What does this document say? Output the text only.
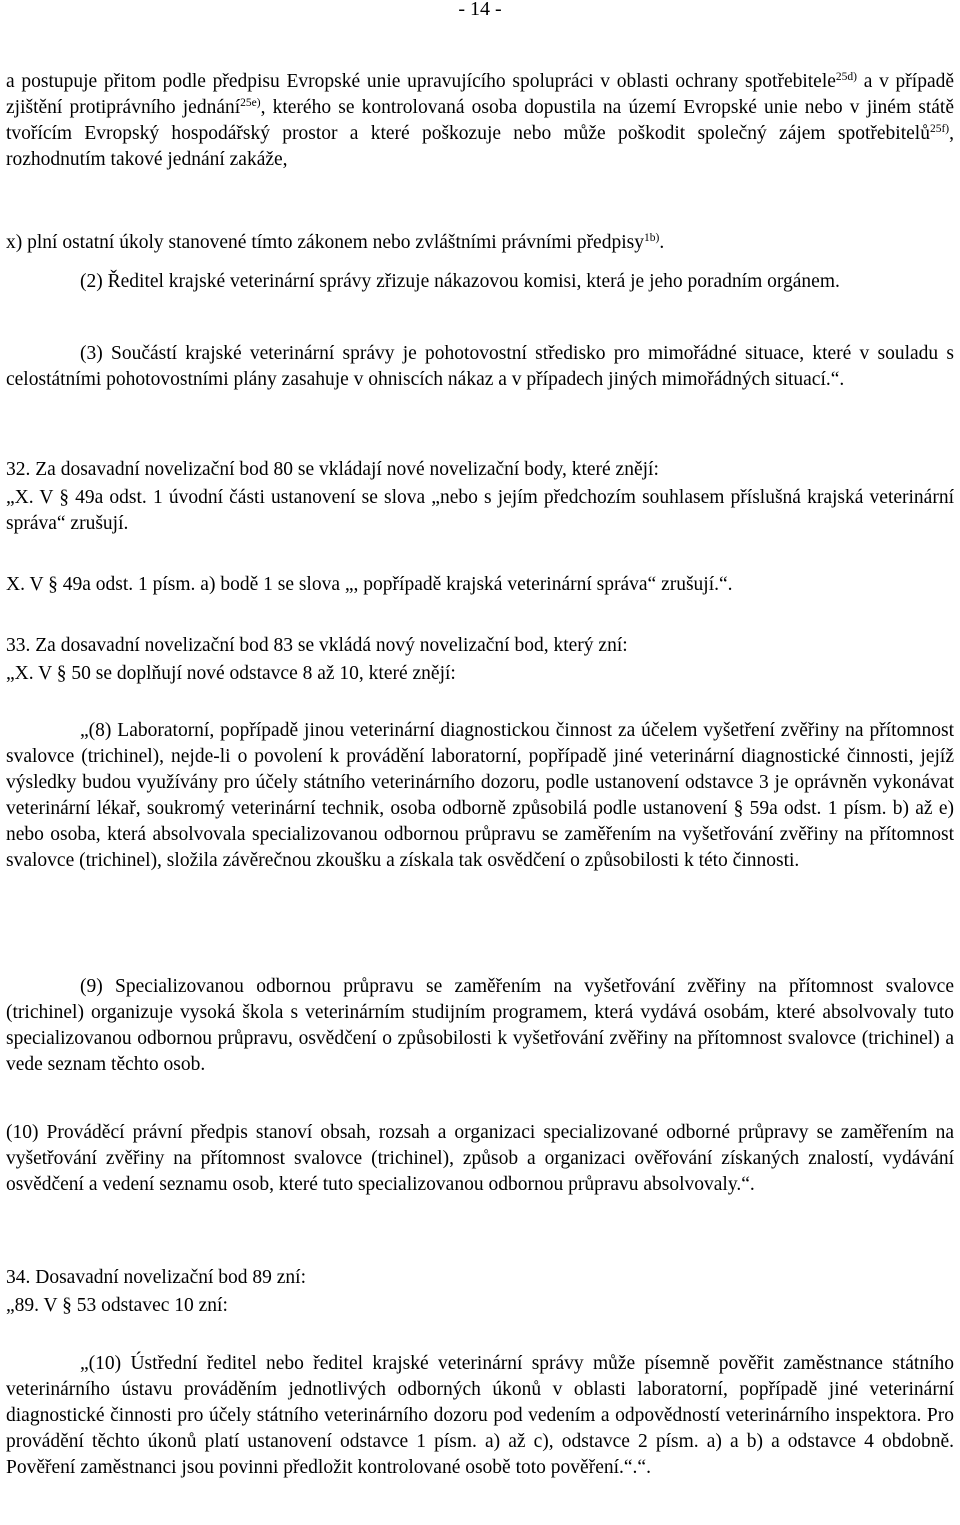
- 14 -
a postupuje přitom podle předpisu Evropské unie upravujícího spolupráci v oblasti ochrany spotřebitele$^{25d)}$ a v případě zjištění protiprávního jednání$^{25e)}$, kterého se kontrolovaná osoba dopustila na území Evropské unie nebo v jiném státě tvořícím Evropský hospodářský prostor a které poškozuje nebo může poškodit společný zájem spotřebitelů$^{25f)}$, rozhodnutím takové jednání zakáže,
x) plní ostatní úkoly stanovené tímto zákonem nebo zvláštními právními předpisy$^{1b)}$.
(2) Ředitel krajské veterinární správy zřizuje nákazovou komisi, která je jeho poradním orgánem.
(3) Součástí krajské veterinární správy je pohotovostní středisko pro mimořádné situace, které v souladu s celostátními pohotovostními plány zasahuje v ohniscích nákaz a v případech jiných mimořádných situací.“.
32. Za dosavadní novelizační bod 80 se vkládají nové novelizační body, které znějí:
„X. V § 49a odst. 1 úvodní části ustanovení se slova „nebo s jejím předchozím souhlasem příslušná krajská veterinární správa“ zrušují.
X. V § 49a odst. 1 písm. a) bodě 1 se slova „, popřípadě krajská veterinární správa“ zrušují.“.
33. Za dosavadní novelizační bod 83 se vkládá nový novelizační bod, který zní:
„X. V § 50 se doplňují nové odstavce 8 až 10, které znějí:
„(8) Laboratorní, popřípadě jinou veterinární diagnostickou činnost za účelem vyšetření zvěřiny na přítomnost svalovce (trichinel), nejde-li o povolení k provádění laboratorní, popřípadě jiné veterinární diagnostické činnosti, jejíž výsledky budou využívány pro účely státního veterinárního dozoru, podle ustanovení odstavce 3 je oprávněn vykonávat veterinární lékař, soukromý veterinární technik, osoba odborně způsobilá podle ustanovení § 59a odst. 1 písm. b) až e) nebo osoba, která absolvovala specializovanou odbornou průpravu se zaměřením na vyšetřování zvěřiny na přítomnost svalovce (trichinel), složila závěrečnou zkoušku a získala tak osvědčení o způsobilosti k této činnosti.
(9) Specializovanou odbornou průpravu se zaměřením na vyšetřování zvěřiny na přítomnost svalovce (trichinel) organizuje vysoká škola s veterinárním studijním programem, která vydává osobám, které absolvovaly tuto specializovanou odbornou průpravu, osvědčení o způsobilosti k vyšetřování zvěřiny na přítomnost svalovce (trichinel) a vede seznam těchto osob.
(10) Prováděcí právní předpis stanoví obsah, rozsah a organizaci specializované odborné průpravy se zaměřením na vyšetřování zvěřiny na přítomnost svalovce (trichinel), způsob a organizaci ověřování získaných znalostí, vydávání osvědčení a vedení seznamu osob, které tuto specializovanou odbornou průpravu absolvovaly.“.
34. Dosavadní novelizační bod 89 zní:
„89. V § 53 odstavec 10 zní:
„(10) Ústřední ředitel nebo ředitel krajské veterinární správy může písemně pověřit zaměstnance státního veterinárního ústavu prováděním jednotlivých odborných úkonů v oblasti laboratorní, popřípadě jiné veterinární diagnostické činnosti pro účely státního veterinárního dozoru pod vedením a odpovědností veterinárního inspektora. Pro provádění těchto úkonů platí ustanovení odstavce 1 písm. a) až c), odstavce 2 písm. a) a b) a odstavce 4 obdobně. Pověření zaměstnanci jsou povinni předložit kontrolované osobě toto pověření.“.“.
